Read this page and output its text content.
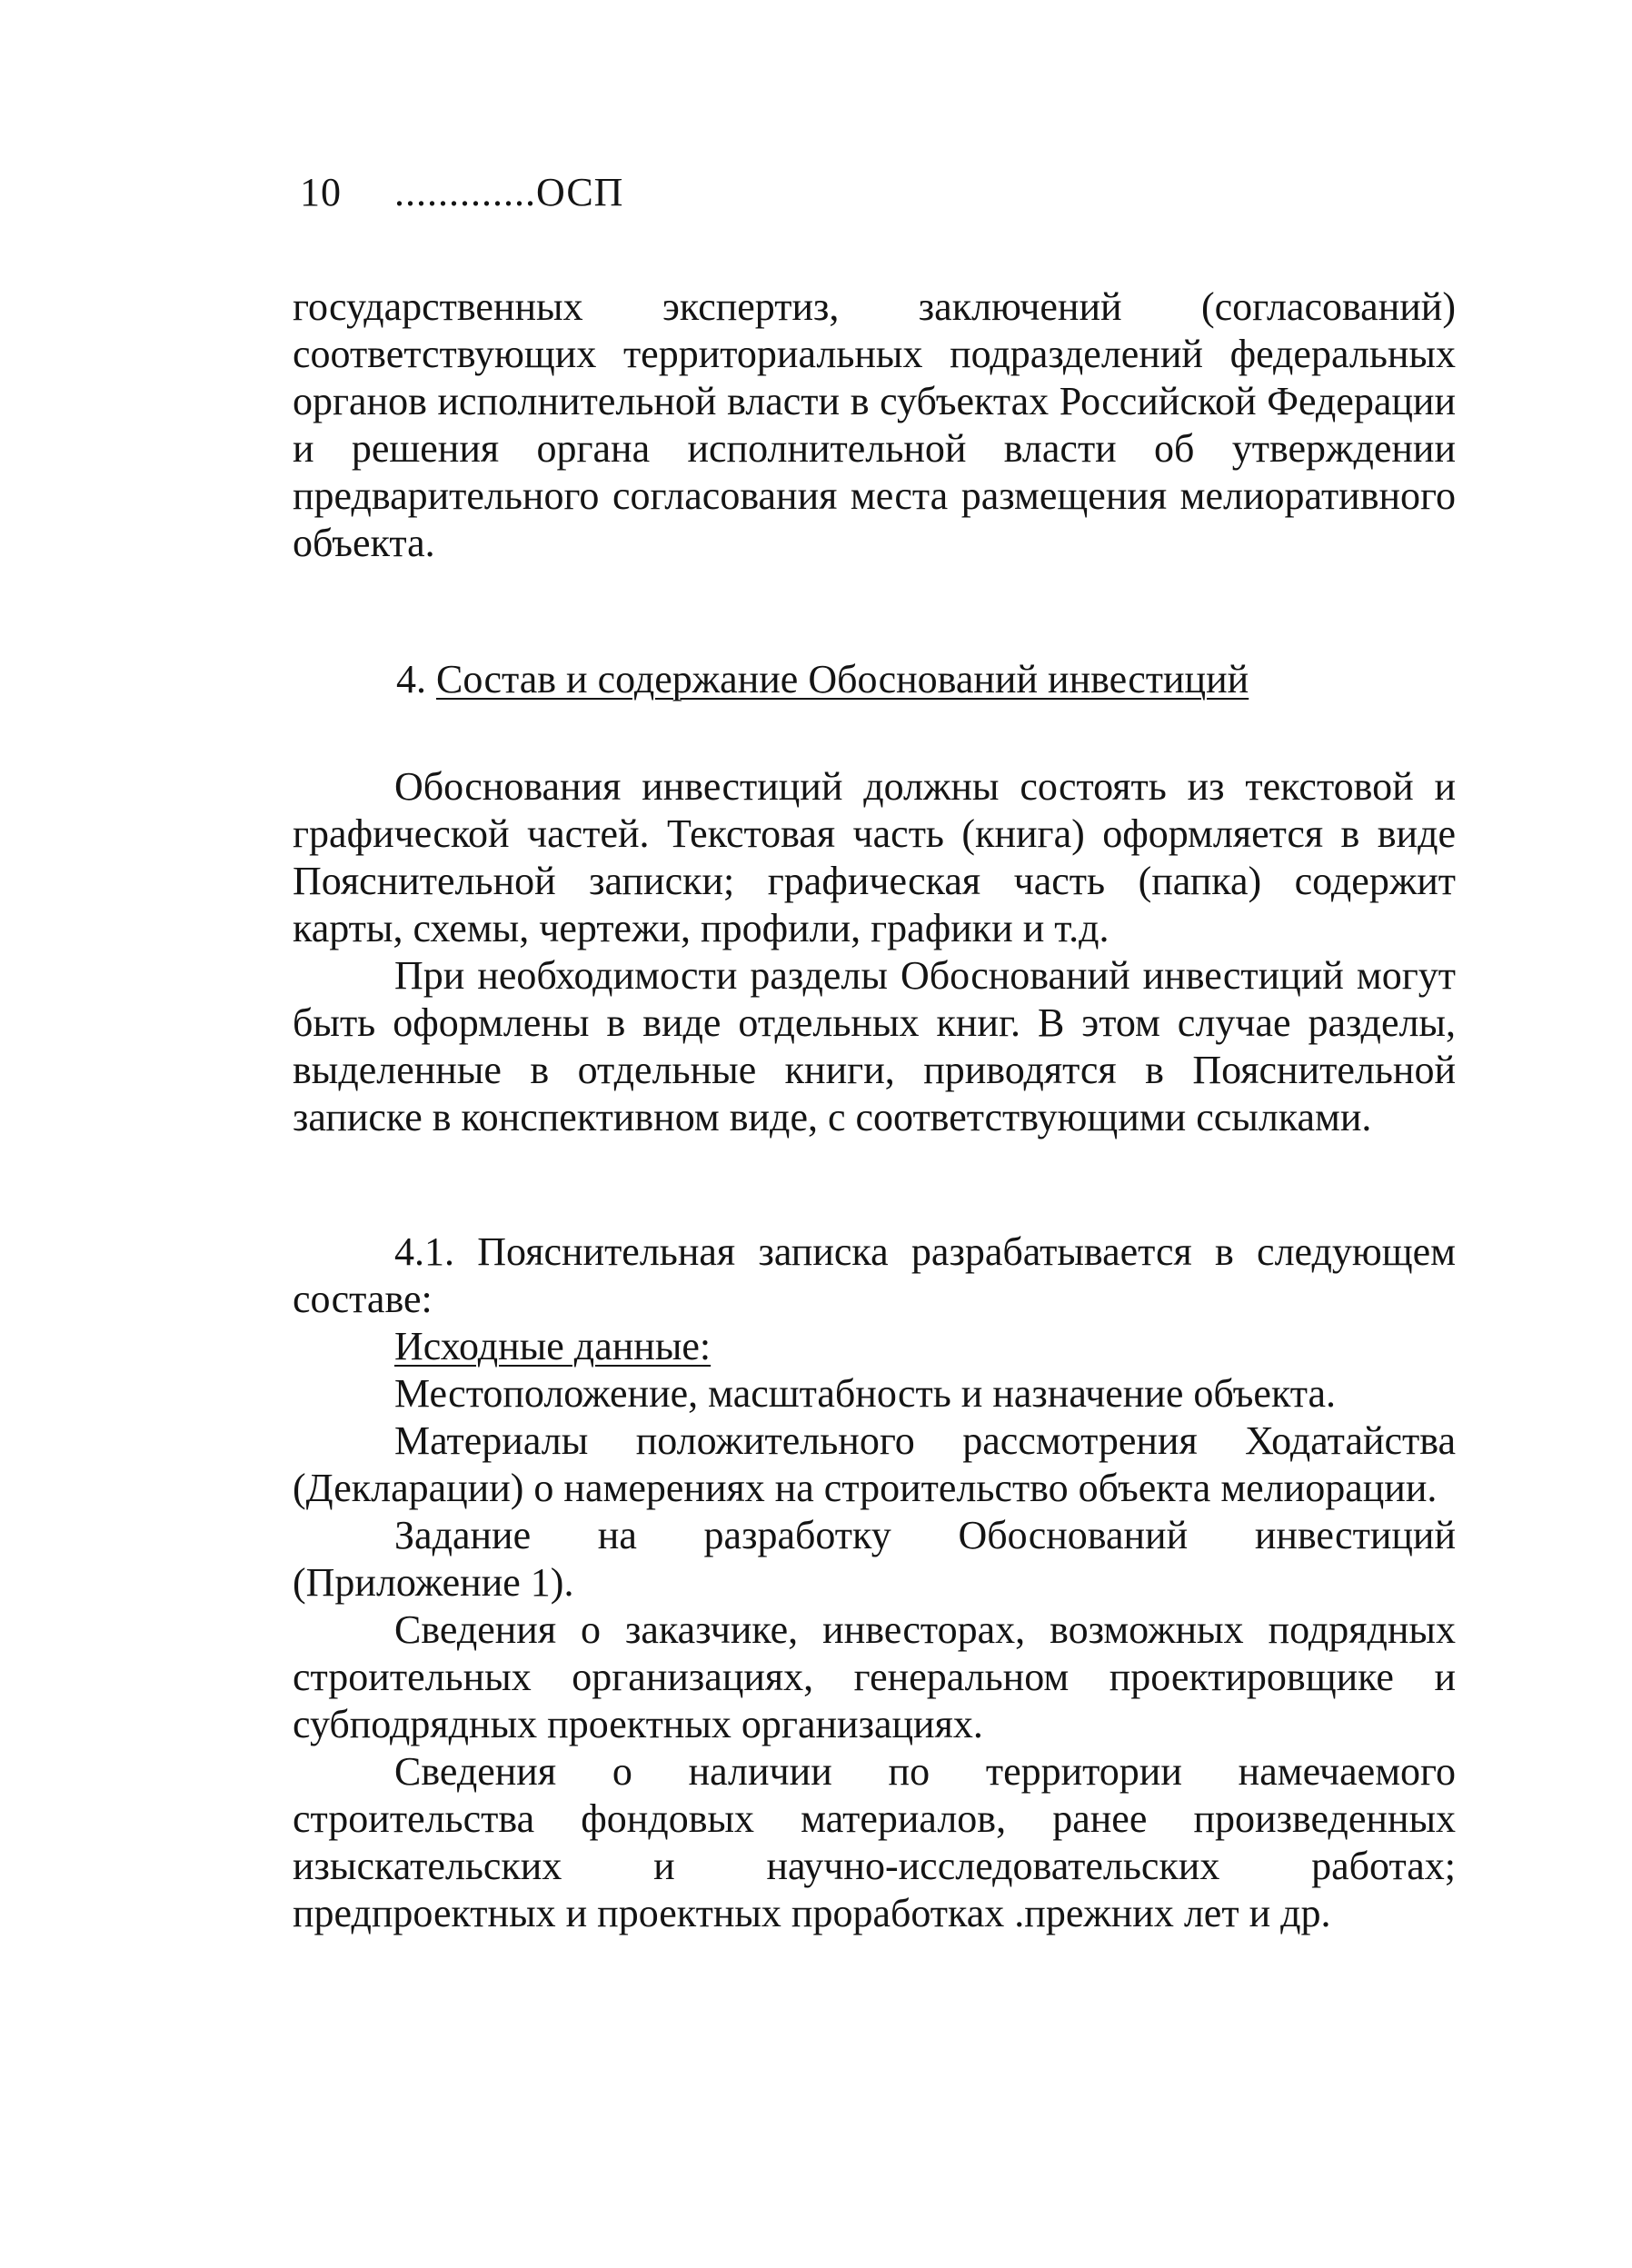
10 .............ОСП

государственных экспертиз, заключений (согласований) соответствующих территориальных подразделений федеральных органов исполнительной власти в субъектах Российской Федерации и решения органа исполнительной власти об утверждении предварительного согласования места размещения мелиоративного объекта.

4. Состав и содержание Обоснований инвестиций

Обоснования инвестиций должны состоять из текстовой и графической частей. Текстовая часть (книга) оформляется в виде Пояснительной записки; графическая часть (папка) содержит карты, схемы, чертежи, профили, графики и т.д.

При необходимости разделы Обоснований инвестиций могут быть оформлены в виде отдельных книг. В этом случае разделы, выделенные в отдельные книги, приводятся в Пояснительной записке в конспективном виде, с соответствующими ссылками.

4.1. Пояснительная записка разрабатывается в следующем составе:

Исходные данные:

Местоположение, масштабность и назначение объекта.

Материалы положительного рассмотрения Ходатайства (Декларации) о намерениях на строительство объекта мелиорации.

Задание на разработку Обоснований инвестиций (Приложение 1).

Сведения о заказчике, инвесторах, возможных подрядных строительных организациях, генеральном проектировщике и субподрядных проектных организациях.

Сведения о наличии по территории намечаемого строительства фондовых материалов, ранее произведенных изыскательских и научно-исследовательских работах; предпроектных и проектных проработках .прежних лет и др.
